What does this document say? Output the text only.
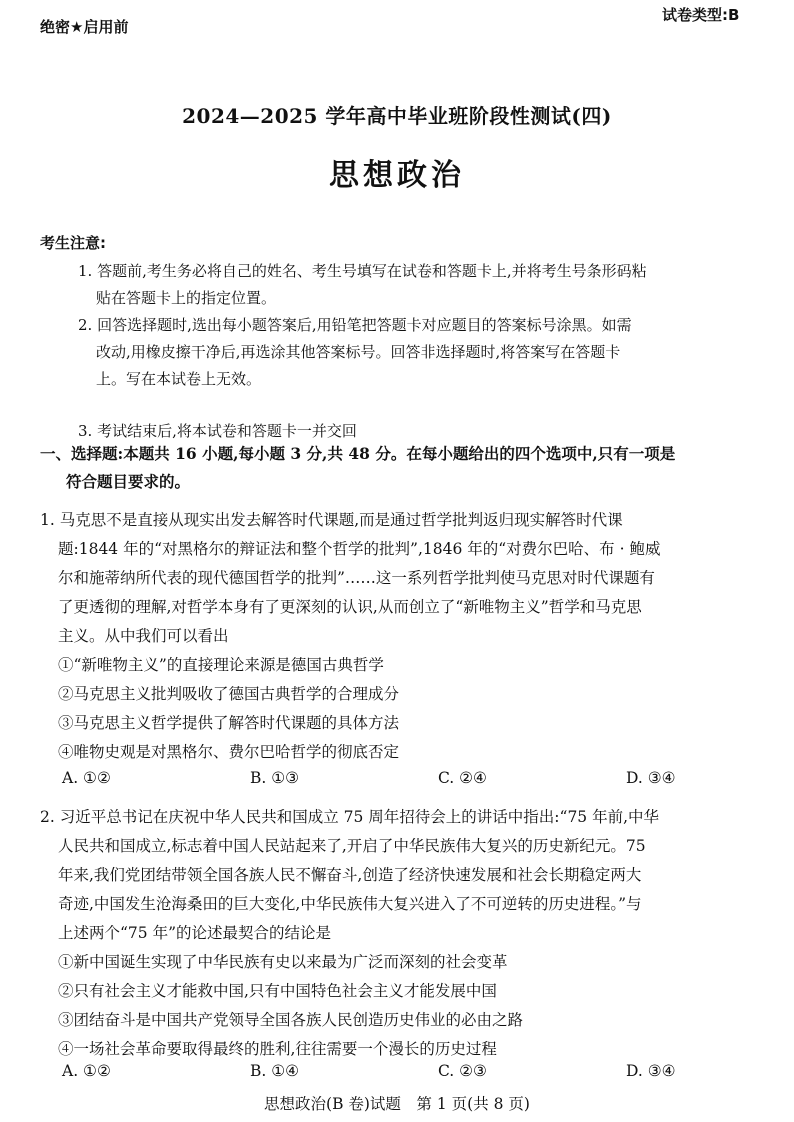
绝密★启用前
试卷类型:B
2024—2025 学年高中毕业班阶段性测试(四)
思想政治
考生注意:
1. 答题前,考生务必将自己的姓名、考生号填写在试卷和答题卡上,并将考生号条形码粘
贴在答题卡上的指定位置。
2. 回答选择题时,选出每小题答案后,用铅笔把答题卡对应题目的答案标号涂黑。如需
改动,用橡皮擦干净后,再选涂其他答案标号。回答非选择题时,将答案写在答题卡
上。写在本试卷上无效。
3. 考试结束后,将本试卷和答题卡一并交回
一、选择题:本题共 16 小题,每小题 3 分,共 48 分。在每小题给出的四个选项中,只有一项是
符合题目要求的。
1. 马克思不是直接从现实出发去解答时代课题,而是通过哲学批判返归现实解答时代课
题:1844 年的“对黑格尔的辩证法和整个哲学的批判”,1846 年的“对费尔巴哈、布 · 鲍威
尔和施蒂纳所代表的现代德国哲学的批判”……这一系列哲学批判使马克思对时代课题有
了更透彻的理解,对哲学本身有了更深刻的认识,从而创立了“新唯物主义”哲学和马克思
主义。从中我们可以看出
①“新唯物主义”的直接理论来源是德国古典哲学
②马克思主义批判吸收了德国古典哲学的合理成分
③马克思主义哲学提供了解答时代课题的具体方法
④唯物史观是对黑格尔、费尔巴哈哲学的彻底否定
A. ①②	B. ①③	C. ②④	D. ③④
2. 习近平总书记在庆祝中华人民共和国成立 75 周年招待会上的讲话中指出:“75 年前,中华
人民共和国成立,标志着中国人民站起来了,开启了中华民族伟大复兴的历史新纪元。75
年来,我们党团结带领全国各族人民不懈奋斗,创造了经济快速发展和社会长期稳定两大
奇迹,中国发生沧海桑田的巨大变化,中华民族伟大复兴进入了不可逆转的历史进程。”与
上述两个“75 年”的论述最契合的结论是
①新中国诞生实现了中华民族有史以来最为广泛而深刻的社会变革
②只有社会主义才能救中国,只有中国特色社会主义才能发展中国
③团结奋斗是中国共产党领导全国各族人民创造历史伟业的必由之路
④一场社会革命要取得最终的胜利,往往需要一个漫长的历史过程
A. ①②	B. ①④	C. ②③	D. ③④
思想政治(B 卷)试题　第 1 页(共 8 页)
